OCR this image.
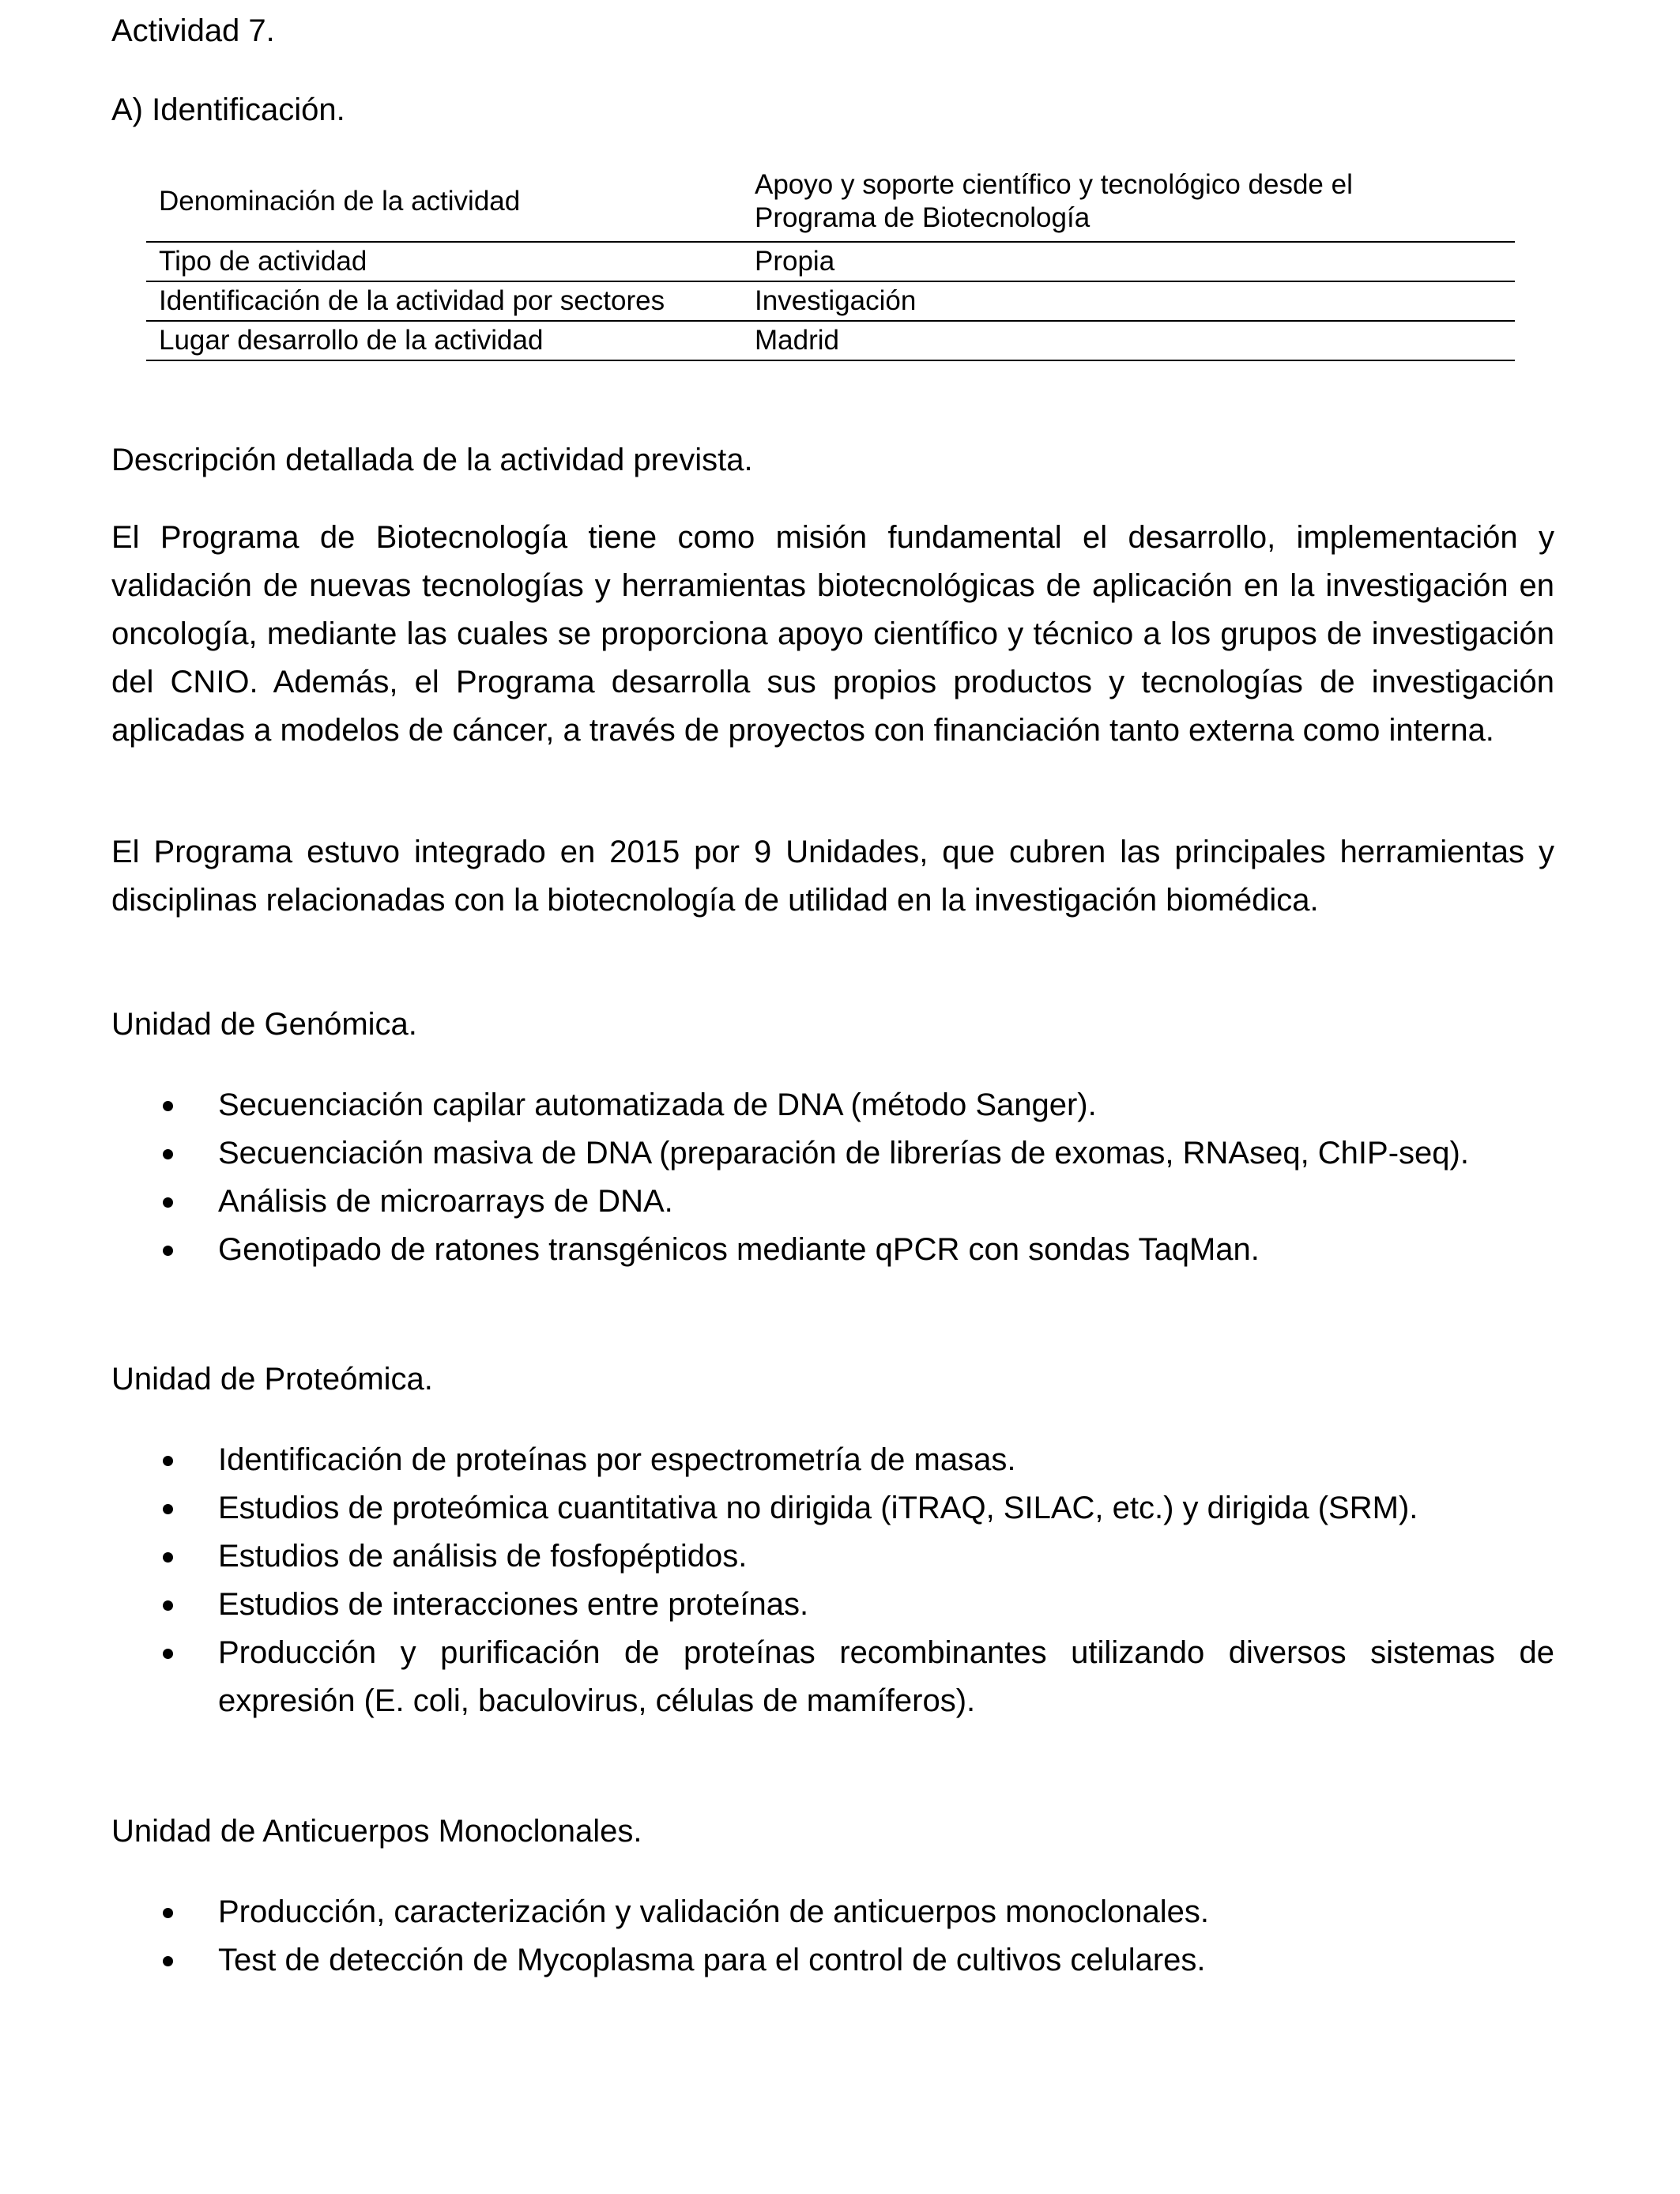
Actividad 7.
A) Identificación.
Denominación de la actividad	Apoyo y soporte científico y tecnológico desde el
Programa de Biotecnología

Tipo de actividad	Propia
Identificación de la actividad por sectores	Investigación
Lugar desarrollo de la actividad	Madrid
Descripción detallada de la actividad prevista.

El Programa de Biotecnología tiene como misión fundamental el desarrollo, implementación y validación de nuevas tecnologías y herramientas biotecnológicas de aplicación en la investigación en oncología, mediante las cuales se proporciona apoyo científico y técnico a los grupos de investigación del CNIO. Además, el Programa desarrolla sus propios productos y tecnologías de investigación aplicadas a modelos de cáncer, a través de proyectos con financiación tanto externa como interna.

El Programa estuvo integrado en 2015 por 9 Unidades, que cubren las principales herramientas y disciplinas relacionadas con la biotecnología de utilidad en la investigación biomédica.

Unidad de Genómica.
Secuenciación capilar automatizada de DNA (método Sanger).
Secuenciación masiva de DNA (preparación de librerías de exomas, RNAseq, ChIP-seq).
Análisis de microarrays de DNA.
Genotipado de ratones transgénicos mediante qPCR con sondas TaqMan.
Unidad de Proteómica.
Identificación de proteínas por espectrometría de masas.
Estudios de proteómica cuantitativa no dirigida (iTRAQ, SILAC, etc.) y dirigida (SRM).
Estudios de análisis de fosfopéptidos.
Estudios de interacciones entre proteínas.
Producción y purificación de proteínas recombinantes utilizando diversos sistemas de expresión (E. coli, baculovirus, células de mamíferos).
Unidad de Anticuerpos Monoclonales.
Producción, caracterización y validación de anticuerpos monoclonales.
Test de detección de Mycoplasma para el control de cultivos celulares.
